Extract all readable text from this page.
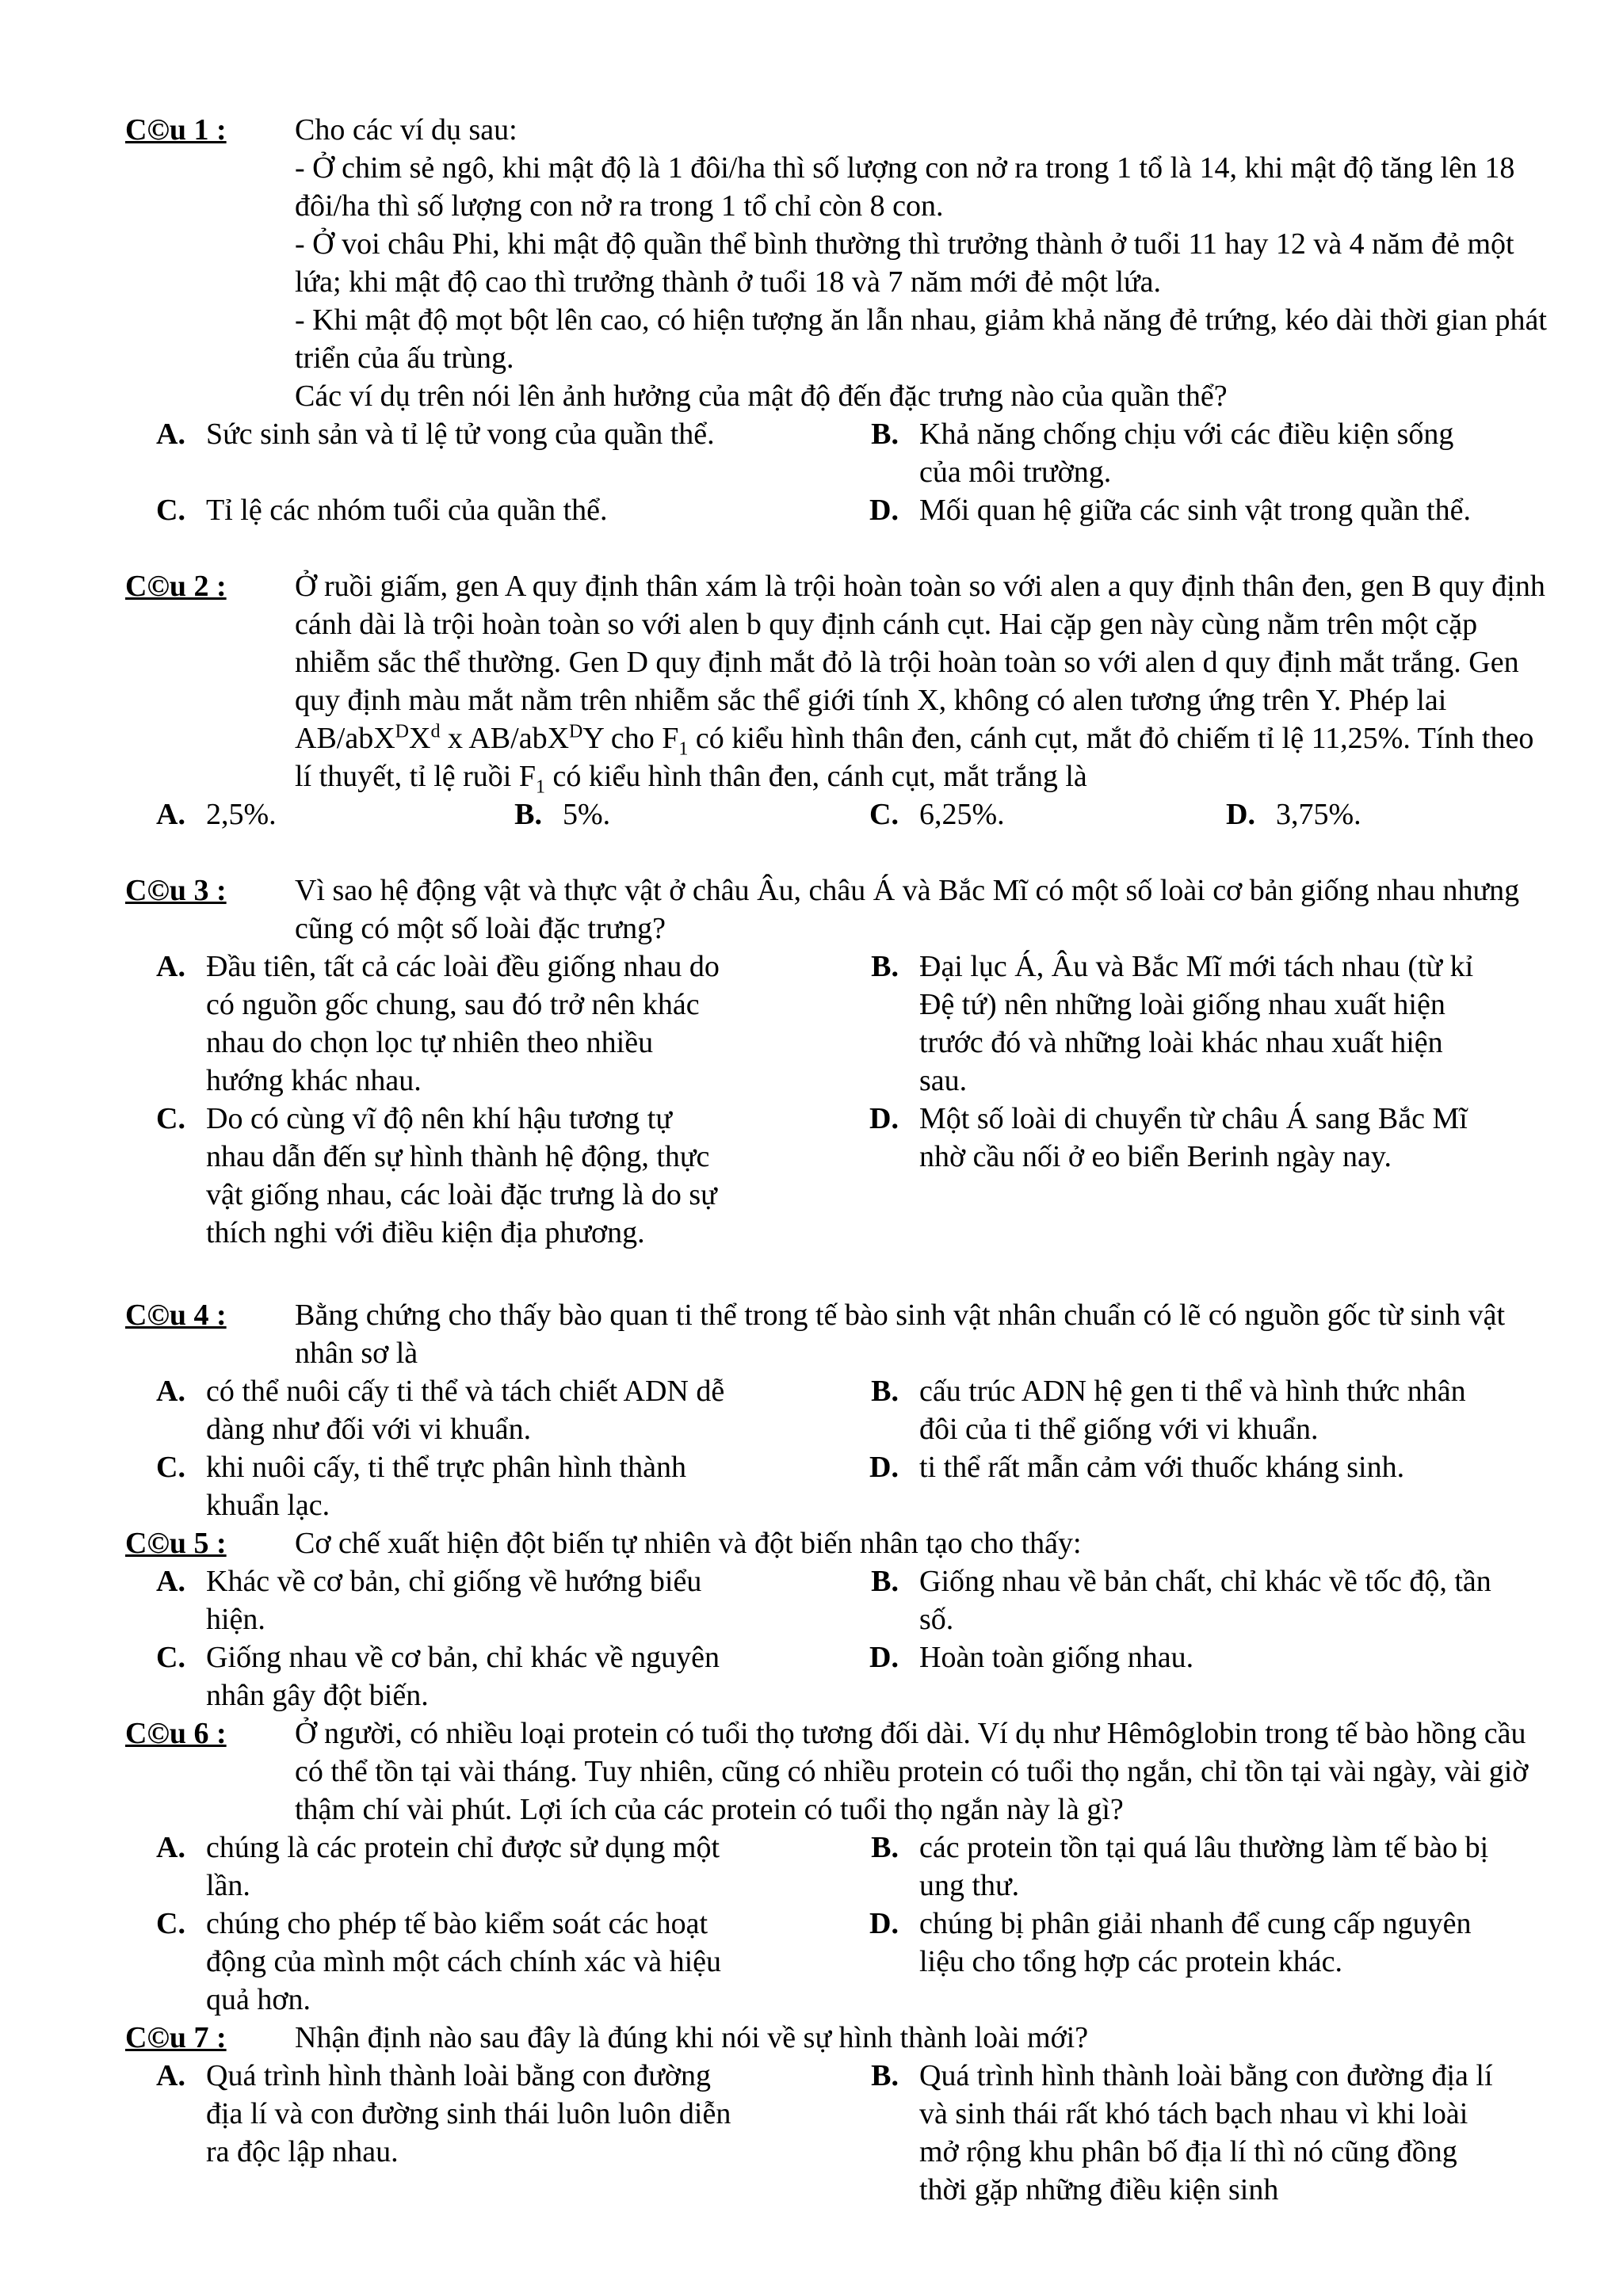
C©u 1 : Cho các ví dụ sau:

- Ở chim sẻ ngô, khi mật độ là 1 đôi/ha thì số lượng con nở ra trong 1 tổ là 14, khi mật độ tăng lên 18 đôi/ha thì số lượng con nở ra trong 1 tổ chỉ còn 8 con.

- Ở voi châu Phi, khi mật độ quần thể bình thường thì trưởng thành ở tuổi 11 hay 12 và 4 năm đẻ một lứa; khi mật độ cao thì trưởng thành ở tuổi 18 và 7 năm mới đẻ một lứa.

- Khi mật độ mọt bột lên cao, có hiện tượng ăn lẫn nhau, giảm khả năng đẻ trứng, kéo dài thời gian phát triển của ấu trùng.

Các ví dụ trên nói lên ảnh hưởng của mật độ đến đặc trưng nào của quần thể?

A. Sức sinh sản và tỉ lệ tử vong của quần thể.	B. Khả năng chống chịu với các điều kiện sống của môi trường.
C. Tỉ lệ các nhóm tuổi của quần thể.	D. Mối quan hệ giữa các sinh vật trong quần thể.
C©u 2 : Ở ruồi giấm, gen A quy định thân xám là trội hoàn toàn so với alen a quy định thân đen, gen B quy định cánh dài là trội hoàn toàn so với alen b quy định cánh cụt. Hai cặp gen này cùng nằm trên một cặp nhiễm sắc thể thường. Gen D quy định mắt đỏ là trội hoàn toàn so với alen d quy định mắt trắng. Gen quy định màu mắt nằm trên nhiễm sắc thể giới tính X, không có alen tương ứng trên Y. Phép lai $AB/abX^DX^d$ x AB/abX$^D$Y cho $F_1$ có kiểu hình thân đen, cánh cụt, mắt đỏ chiếm tỉ lệ 11,25%. Tính theo lí thuyết, tỉ lệ ruồi $F_1$ có kiểu hình thân đen, cánh cụt, mắt trắng là

A. 2,5%.	B. 5%.	C. 6,25%.	D. 3,75%.
C©u 3 : Vì sao hệ động vật và thực vật ở châu Âu, châu Á và Bắc Mĩ có một số loài cơ bản giống nhau nhưng cũng có một số loài đặc trưng?

A. Đầu tiên, tất cả các loài đều giống nhau do có nguồn gốc chung, sau đó trở nên khác nhau do chọn lọc tự nhiên theo nhiều hướng khác nhau.
B. Đại lục Á, Âu và Bắc Mĩ mới tách nhau (từ kỉ Đệ tứ) nên những loài giống nhau xuất hiện trước đó và những loài khác nhau xuất hiện sau.
C. Do có cùng vĩ độ nên khí hậu tương tự nhau dẫn đến sự hình thành hệ động, thực vật giống nhau, các loài đặc trưng là do sự thích nghi với điều kiện địa phương.
D. Một số loài di chuyển từ châu Á sang Bắc Mĩ nhờ cầu nối ở eo biển Berinh ngày nay.
C©u 4 : Bằng chứng cho thấy bào quan ti thể trong tế bào sinh vật nhân chuẩn có lẽ có nguồn gốc từ sinh vật nhân sơ là

A. có thể nuôi cấy ti thể và tách chiết ADN dễ dàng như đối với vi khuẩn.
B. cấu trúc ADN hệ gen ti thể và hình thức nhân đôi của ti thể giống với vi khuẩn.
C. khi nuôi cấy, ti thể trực phân hình thành khuẩn lạc.
D. ti thể rất mẫn cảm với thuốc kháng sinh.
C©u 5 : Cơ chế xuất hiện đột biến tự nhiên và đột biến nhân tạo cho thấy:

A. Khác về cơ bản, chỉ giống về hướng biểu hiện.
B. Giống nhau về bản chất, chỉ khác về tốc độ, tần số.
C. Giống nhau về cơ bản, chỉ khác về nguyên nhân gây đột biến.
D. Hoàn toàn giống nhau.
C©u 6 : Ở người, có nhiều loại protein có tuổi thọ tương đối dài. Ví dụ như Hêmôglobin trong tế bào hồng cầu có thể tồn tại vài tháng. Tuy nhiên, cũng có nhiều protein có tuổi thọ ngắn, chỉ tồn tại vài ngày, vài giờ thậm chí vài phút. Lợi ích của các protein có tuổi thọ ngắn này là gì?

A. chúng là các protein chỉ được sử dụng một lần.
B. các protein tồn tại quá lâu thường làm tế bào bị ung thư.
C. chúng cho phép tế bào kiểm soát các hoạt động của mình một cách chính xác và hiệu quả hơn.
D. chúng bị phân giải nhanh để cung cấp nguyên liệu cho tổng hợp các protein khác.
C©u 7 : Nhận định nào sau đây là đúng khi nói về sự hình thành loài mới?

A. Quá trình hình thành loài bằng con đường địa lí và con đường sinh thái luôn luôn diễn ra độc lập nhau.
B. Quá trình hình thành loài bằng con đường địa lí và sinh thái rất khó tách bạch nhau vì khi loài mở rộng khu phân bố địa lí thì nó cũng đồng thời gặp những điều kiện sinh
